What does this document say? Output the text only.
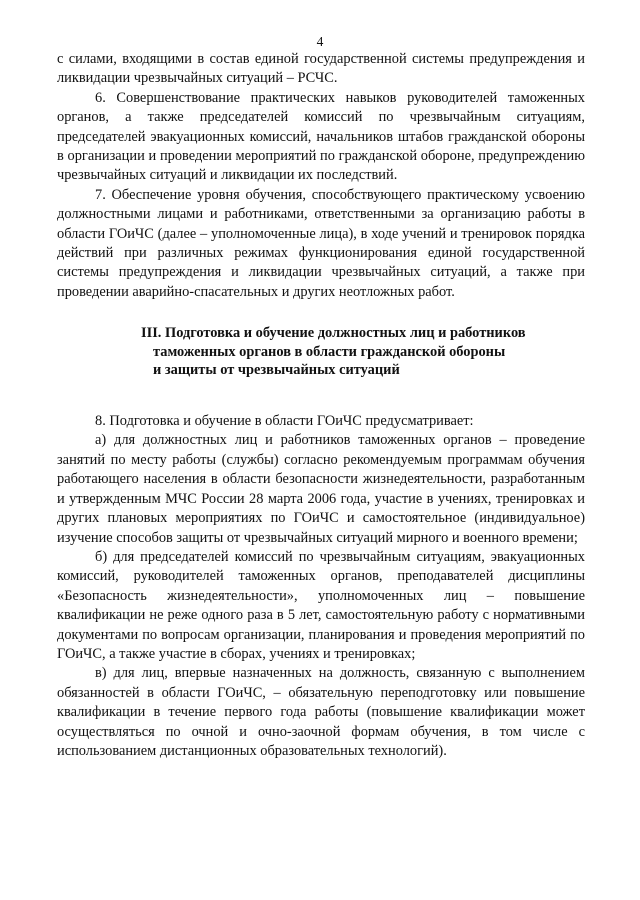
4

с силами, входящими в состав единой государственной системы предупреждения и ликвидации чрезвычайных ситуаций – РСЧС.

6. Совершенствование практических навыков руководителей таможенных органов, а также председателей комиссий по чрезвычайным ситуациям, председателей эвакуационных комиссий, начальников штабов гражданской обороны в организации и проведении мероприятий по гражданской обороне, предупреждению чрезвычайных ситуаций и ликвидации их последствий.

7. Обеспечение уровня обучения, способствующего практическому усвоению должностными лицами и работниками, ответственными за организацию работы в области ГОиЧС (далее – уполномоченные лица), в ходе учений и тренировок порядка действий при различных режимах функционирования единой государственной системы предупреждения и ликвидации чрезвычайных ситуаций, а также при проведении аварийно-спасательных и других неотложных работ.

III. Подготовка и обучение должностных лиц и работников
таможенных органов в области гражданской обороны
и защиты от чрезвычайных ситуаций

8. Подготовка и обучение в области ГОиЧС предусматривает:

а) для должностных лиц и работников таможенных органов – проведение занятий по месту работы (службы) согласно рекомендуемым программам обучения работающего населения в области безопасности жизнедеятельности, разработанным и утвержденным МЧС России 28 марта 2006 года, участие в учениях, тренировках и других плановых мероприятиях по ГОиЧС и самостоятельное (индивидуальное) изучение способов защиты от чрезвычайных ситуаций мирного и военного времени;

б) для председателей комиссий по чрезвычайным ситуациям, эвакуационных комиссий, руководителей таможенных органов, преподавателей дисциплины «Безопасность жизнедеятельности», уполномоченных лиц – повышение квалификации не реже одного раза в 5 лет, самостоятельную работу с нормативными документами по вопросам организации, планирования и проведения мероприятий по ГОиЧС, а также участие в сборах, учениях и тренировках;

в) для лиц, впервые назначенных на должность, связанную с выполнением обязанностей в области ГОиЧС, – обязательную переподготовку или повышение квалификации в течение первого года работы (повышение квалификации может осуществляться по очной и очно-заочной формам обучения, в том числе с использованием дистанционных образовательных технологий).
